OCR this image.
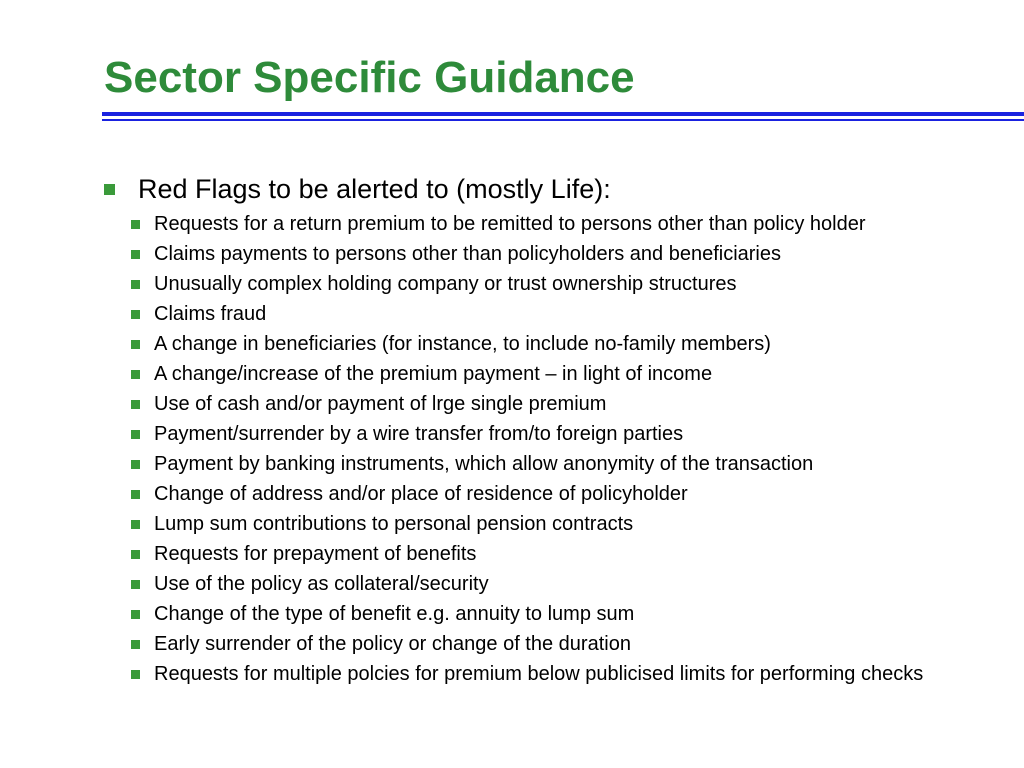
Sector Specific Guidance
Red Flags to be alerted to (mostly Life):
Requests for a return premium to be remitted to persons other than policy holder
Claims payments to persons other than policyholders and beneficiaries
Unusually complex holding company or trust ownership structures
Claims fraud
A change in beneficiaries (for instance, to include no-family members)
A change/increase of the premium payment – in light of income
Use of cash and/or payment of lrge single premium
Payment/surrender by a wire transfer from/to foreign parties
Payment by banking instruments, which allow anonymity of the transaction
Change of address and/or place of residence of policyholder
Lump sum contributions to personal pension contracts
Requests for prepayment of benefits
Use of the policy as collateral/security
Change of the type of benefit e.g. annuity to lump sum
Early surrender of the policy or change of the duration
Requests for multiple polcies for premium below publicised limits for performing checks
